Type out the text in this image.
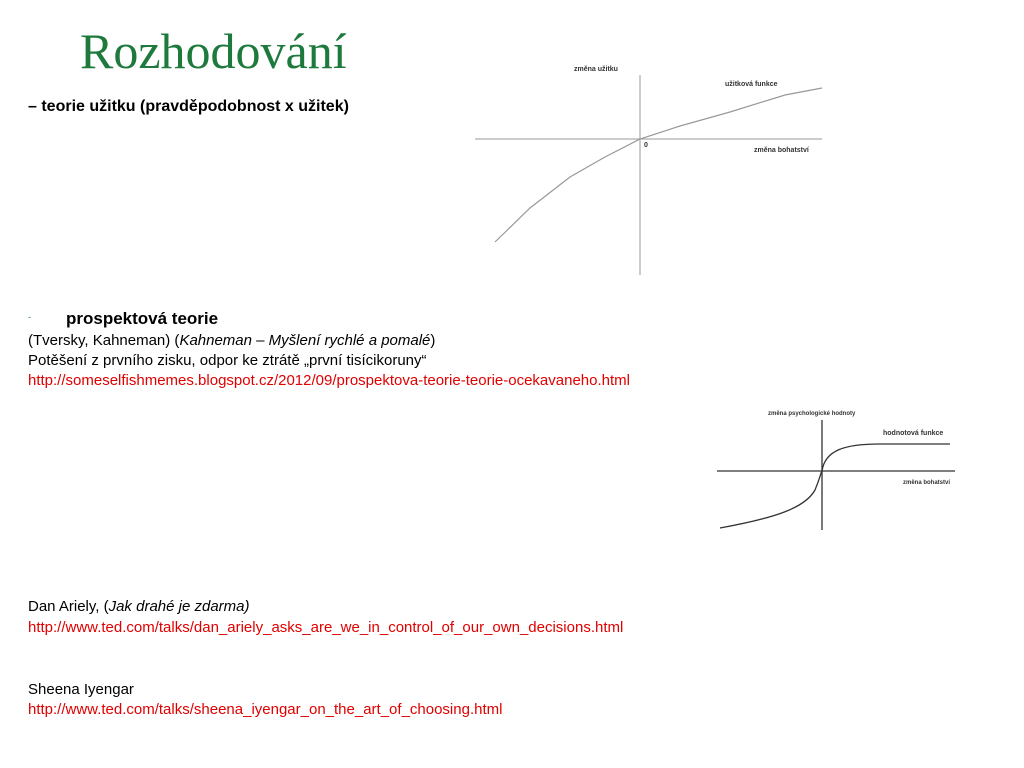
Rozhodování
– teorie užitku (pravděpodobnost x užitek)
změna užitku
užitková funkce
0
změna bohatství
- prospektová teorie
(Tversky, Kahneman) (Kahneman – Myšlení rychlé a pomalé)
Potěšení z prvního zisku, odpor ke ztrátě „první tisícikoruny“
http://someselfishmemes.blogspot.cz/2012/09/prospektova-teorie-teorie-ocekavaneho.html
změna psychologické hodnoty
hodnotová funkce
změna bohatství
Dan Ariely, (Jak drahé je zdarma)
http://www.ted.com/talks/dan_ariely_asks_are_we_in_control_of_our_own_decisions.html
Sheena Iyengar
http://www.ted.com/talks/sheena_iyengar_on_the_art_of_choosing.html
